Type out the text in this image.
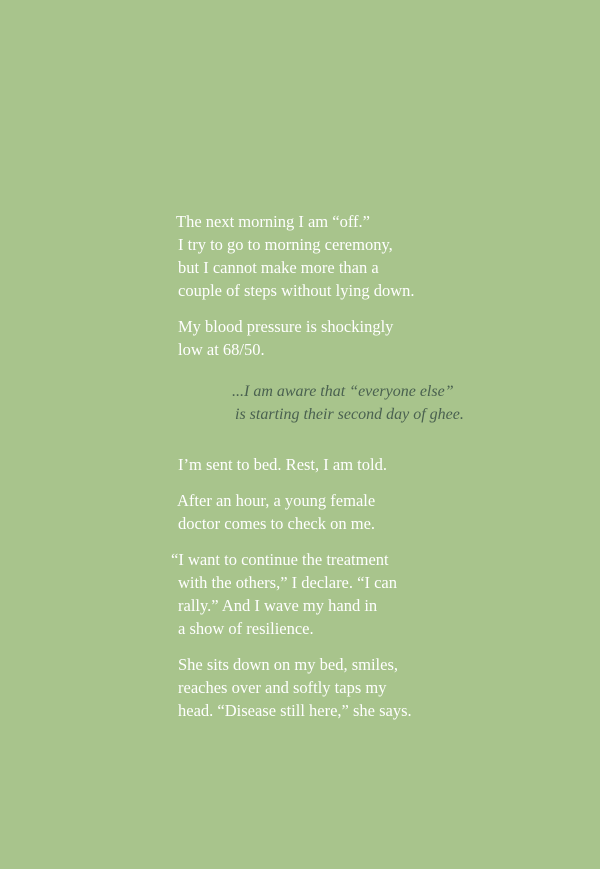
The next morning I am “off.”
I try to go to morning ceremony,
but I cannot make more than a
couple of steps without lying down.
My blood pressure is shockingly
low at 68/50.
...I am aware that “everyone else”
is starting their second day of ghee.
I’m sent to bed. Rest, I am told.
After an hour, a young female
doctor comes to check on me.
“I want to continue the treatment
with the others,” I declare. “I can
rally.” And I wave my hand in
a show of resilience.
She sits down on my bed, smiles,
reaches over and softly taps my
head. “Disease still here,” she says.
